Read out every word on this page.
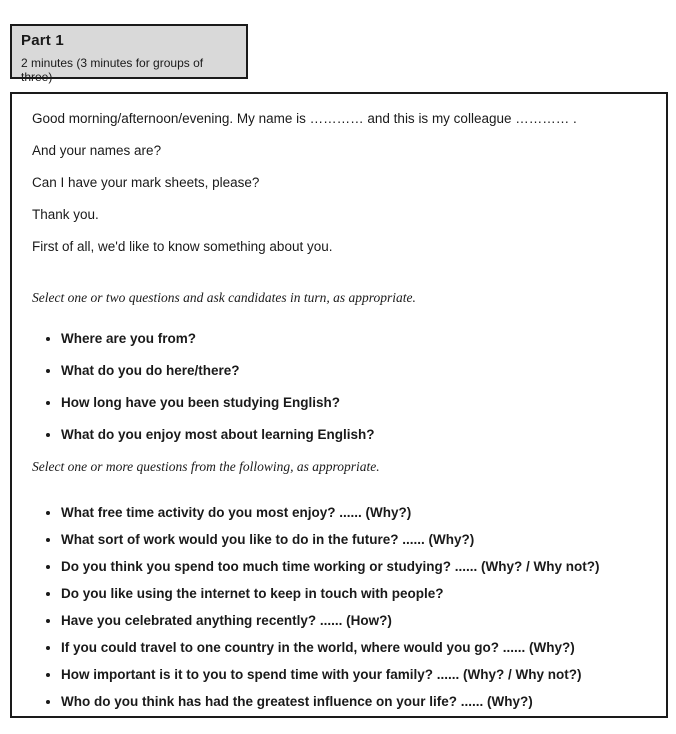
Part 1
2 minutes (3 minutes for groups of three)

Good morning/afternoon/evening. My name is ………… and this is my colleague ………… .

And your names are?

Can I have your mark sheets, please?

Thank you.

First of all, we'd like to know something about you.

Select one or two questions and ask candidates in turn, as appropriate.

• Where are you from?
• What do you do here/there?
• How long have you been studying English?
• What do you enjoy most about learning English?

Select one or more questions from the following, as appropriate.

• What free time activity do you most enjoy? ...... (Why?)
• What sort of work would you like to do in the future? ...... (Why?)
• Do you think you spend too much time working or studying? ...... (Why? / Why not?)
• Do you like using the internet to keep in touch with people?
• Have you celebrated anything recently? ...... (How?)
• If you could travel to one country in the world, where would you go? ...... (Why?)
• How important is it to you to spend time with your family? ...... (Why? / Why not?)
• Who do you think has had the greatest influence on your life? ...... (Why?)
